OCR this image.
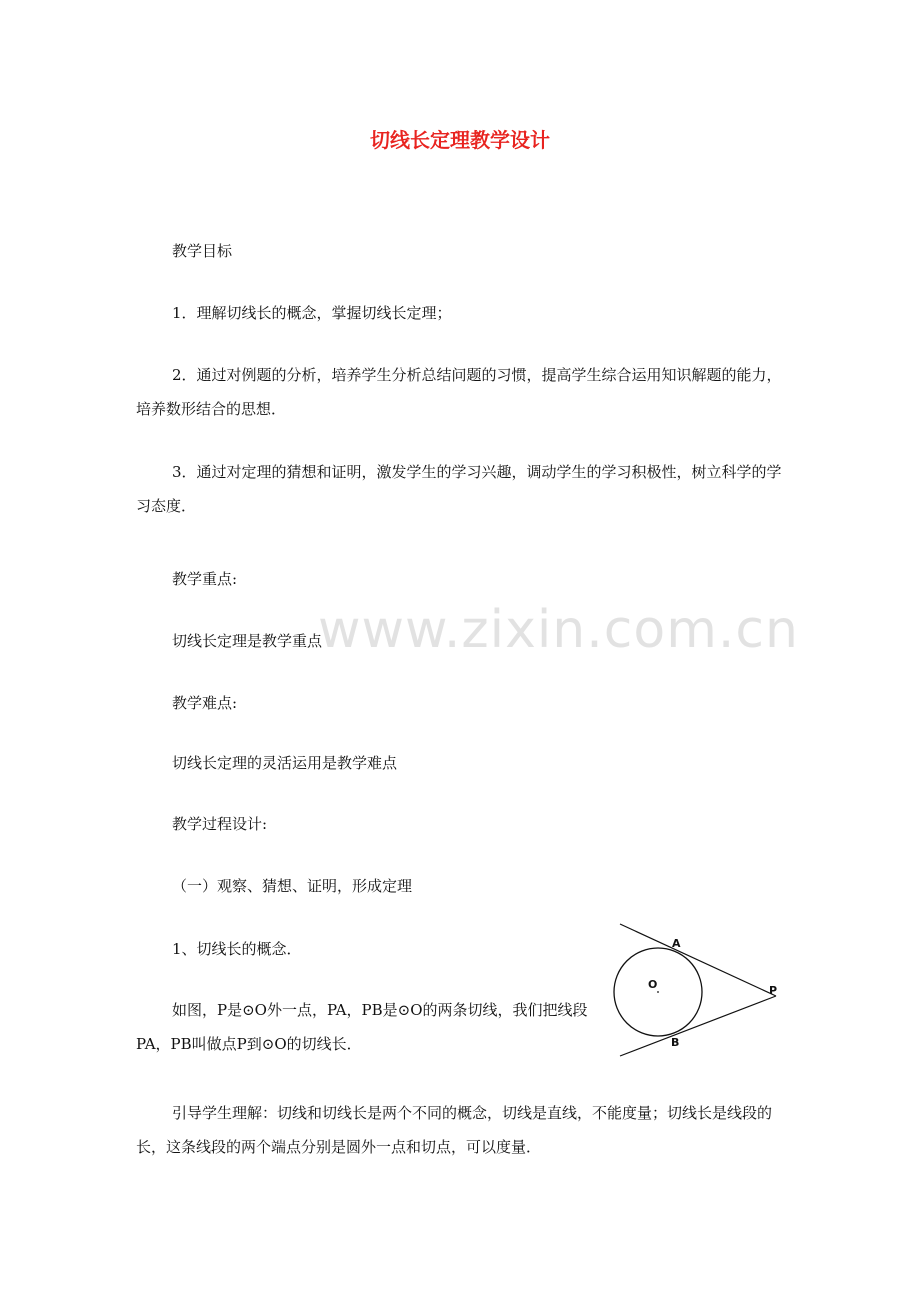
切线长定理教学设计

教学目标

1．理解切线长的概念，掌握切线长定理；

2．通过对例题的分析，培养学生分析总结问题的习惯，提高学生综合运用知识解题的能力，培养数形结合的思想．

3．通过对定理的猜想和证明，激发学生的学习兴趣，调动学生的学习积极性，树立科学的学习态度．

教学重点:

切线长定理是教学重点

教学难点:

切线长定理的灵活运用是教学难点

教学过程设计:

（一）观察、猜想、证明，形成定理

1、切线长的概念．

如图，P是⊙O外一点，PA，PB是⊙O的两条切线，我们把线段PA，PB叫做点P到⊙O的切线长．

引导学生理解：切线和切线长是两个不同的概念，切线是直线，不能度量；切线长是线段的长，这条线段的两个端点分别是圆外一点和切点，可以度量．

www.zixin.com.cn
A
O	P
B
